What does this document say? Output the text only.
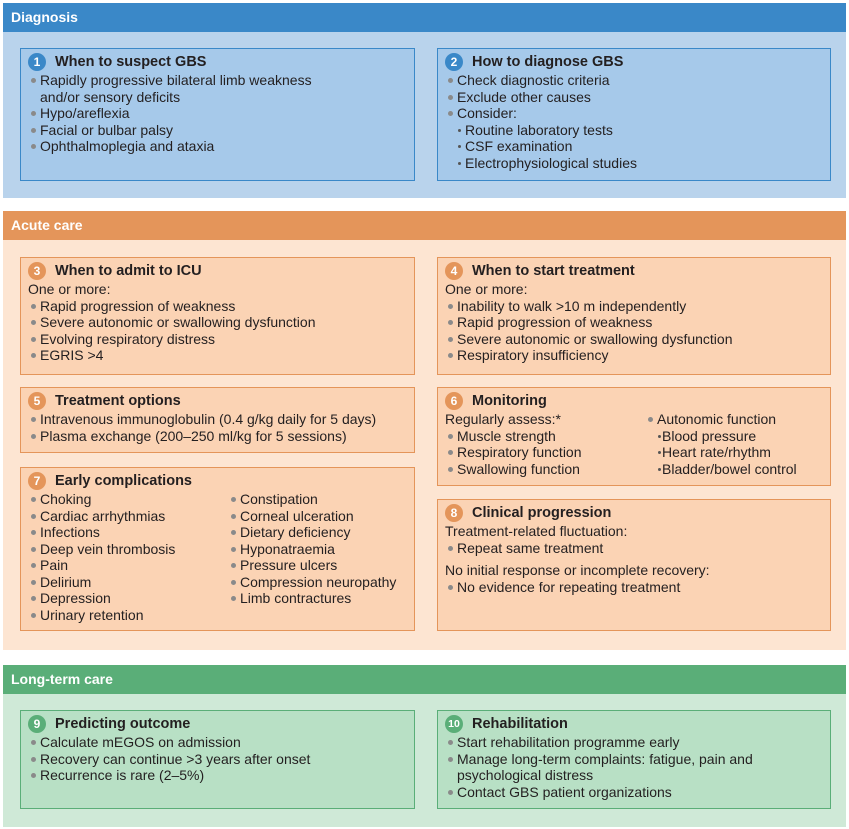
Diagnosis
1	When to suspect GBS
Rapidly progressive bilateral limb weakness
and/or sensory deficits
Hypo/areflexia
Facial or bulbar palsy
Ophthalmoplegia and ataxia
2	How to diagnose GBS
Check diagnostic criteria
Exclude other causes
Consider:
Routine laboratory tests
CSF examination
Electrophysiological studies
Acute care
3	When to admit to ICU
One or more:
Rapid progression of weakness
Severe autonomic or swallowing dysfunction
Evolving respiratory distress
EGRIS >4
4	When to start treatment
One or more:
Inability to walk >10 m independently
Rapid progression of weakness
Severe autonomic or swallowing dysfunction
Respiratory insufficiency
5	Treatment options
Intravenous immunoglobulin (0.4 g/kg daily for 5 days)
Plasma exchange (200–250 ml/kg for 5 sessions)
6	Monitoring
Regularly assess:*
Muscle strength
Respiratory function
Swallowing function
Autonomic function
Blood pressure
Heart rate/rhythm
Bladder/bowel control
7	Early complications
Choking
Cardiac arrhythmias
Infections
Deep vein thrombosis
Pain
Delirium
Depression
Urinary retention
Constipation
Corneal ulceration
Dietary deficiency
Hyponatraemia
Pressure ulcers
Compression neuropathy
Limb contractures
8	Clinical progression
Treatment-related fluctuation:
Repeat same treatment
No initial response or incomplete recovery:
No evidence for repeating treatment
Long-term care
9	Predicting outcome
Calculate mEGOS on admission
Recovery can continue >3 years after onset
Recurrence is rare (2–5%)
10 Rehabilitation
Start rehabilitation programme early
Manage long-term complaints: fatigue, pain and
psychological distress
Contact GBS patient organizations
